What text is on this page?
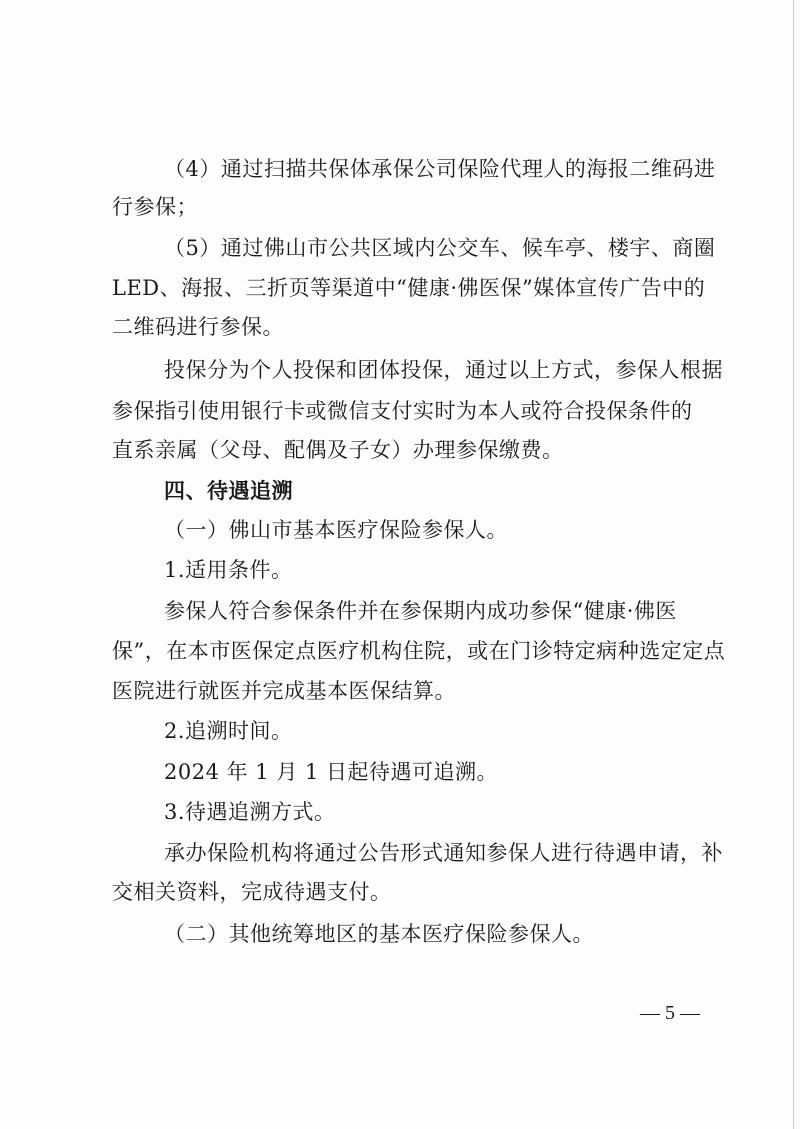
（4）通过扫描共保体承保公司保险代理人的海报二维码进
行参保；
（5）通过佛山市公共区域内公交车、候车亭、楼宇、商圈
LED、海报、三折页等渠道中“健康·佛医保”媒体宣传广告中的
二维码进行参保。
投保分为个人投保和团体投保，通过以上方式，参保人根据
参保指引使用银行卡或微信支付实时为本人或符合投保条件的
直系亲属（父母、配偶及子女）办理参保缴费。
四、待遇追溯
（一）佛山市基本医疗保险参保人。
1.适用条件。
参保人符合参保条件并在参保期内成功参保“健康·佛医
保”，在本市医保定点医疗机构住院，或在门诊特定病种选定定点
医院进行就医并完成基本医保结算。
2.追溯时间。
2024 年 1 月 1 日起待遇可追溯。
3.待遇追溯方式。
承办保险机构将通过公告形式通知参保人进行待遇申请，补
交相关资料，完成待遇支付。
（二）其他统筹地区的基本医疗保险参保人。
— 5 —
